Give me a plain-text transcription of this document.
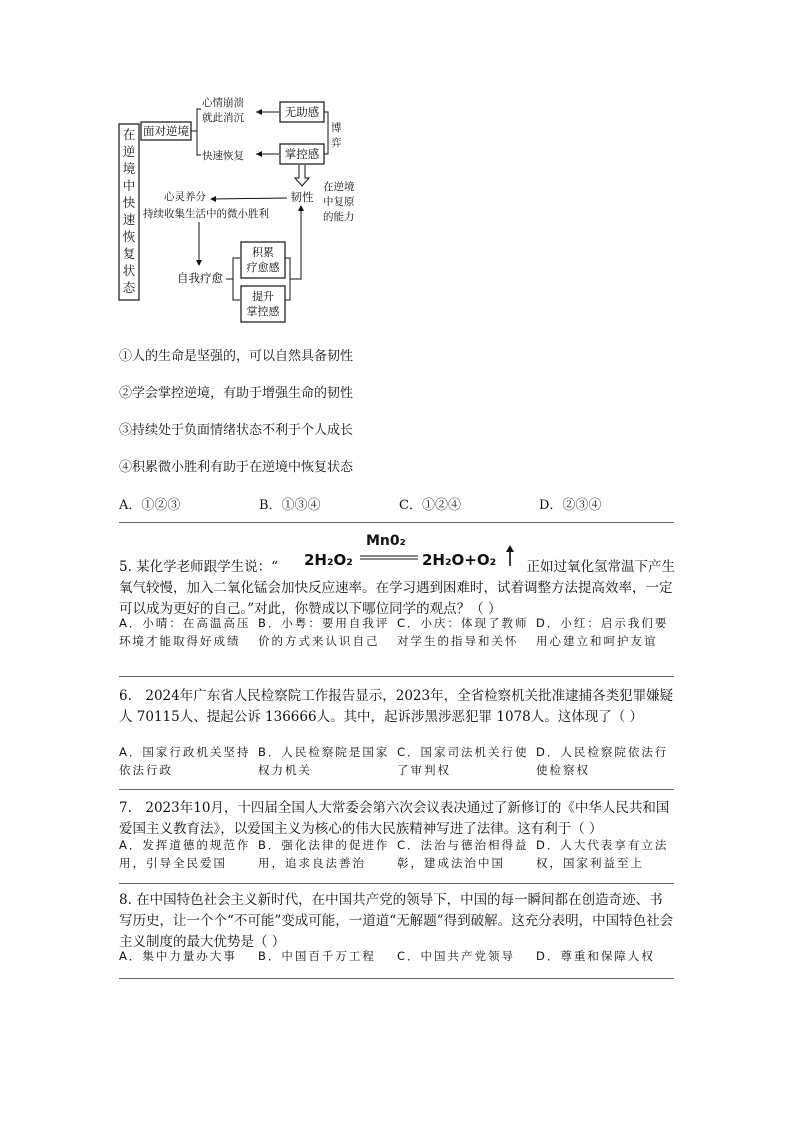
在
逆
境
中
快
速
恢
复
状
态
面对逆境
心情崩溃
就此消沉
快速恢复
无助感
掌控感
博
弈
韧性
在逆境
中复原
的能力
心灵养分
持续收集生活中的微小胜利
自我疗愈
积累
疗愈感
提升
掌控感
①人的生命是坚强的，可以自然具备韧性
②学会掌控逆境，有助于增强生命的韧性
③持续处于负面情绪状态不利于个人成长
④积累微小胜利有助于在逆境中恢复状态
A．①②③	B．①③④	C．①②④	D．②③④
Mn0₂
2H₂O₂	2H₂O+O₂
5. 某化学老师跟学生说：“	正如过氧化氢常温下产生
氧气较慢，加入二氧化锰会加快反应速率。在学习遇到困难时，试着调整方法提高效率，一定可以成为更好的自己。”对此，你赞成以下哪位同学的观点？（ ）
A．小晴：在高温高压环境才能取得好成绩
B．小粤：要用自我评价的方式来认识自己
C．小庆：体现了教师对学生的指导和关怀
D．小红：启示我们要用心建立和呵护友谊
6.　2024年广东省人民检察院工作报告显示，2023年，全省检察机关批准逮捕各类犯罪嫌疑人 70115人、提起公诉 136666人。其中，起诉涉黑涉恶犯罪 1078人。这体现了（ ）
A．国家行政机关坚持依法行政
B．人民检察院是国家权力机关
C．国家司法机关行使了审判权
D．人民检察院依法行使检察权
7.　2023年10月，十四届全国人大常委会第六次会议表决通过了新修订的《中华人民共和国爱国主义教育法》，以爱国主义为核心的伟大民族精神写进了法律。这有利于（ ）
A．发挥道德的规范作用，引导全民爱国
B．强化法律的促进作用，追求良法善治
C．法治与德治相得益彰，建成法治中国
D．人大代表享有立法权，国家利益至上
8. 在中国特色社会主义新时代，在中国共产党的领导下，中国的每一瞬间都在创造奇迹、书写历史，让一个个“不可能”变成可能，一道道“无解题”得到破解。这充分表明，中国特色社会主义制度的最大优势是（ ）
A．集中力量办大事	B．中国百千万工程	C．中国共产党领导	D．尊重和保障人权
